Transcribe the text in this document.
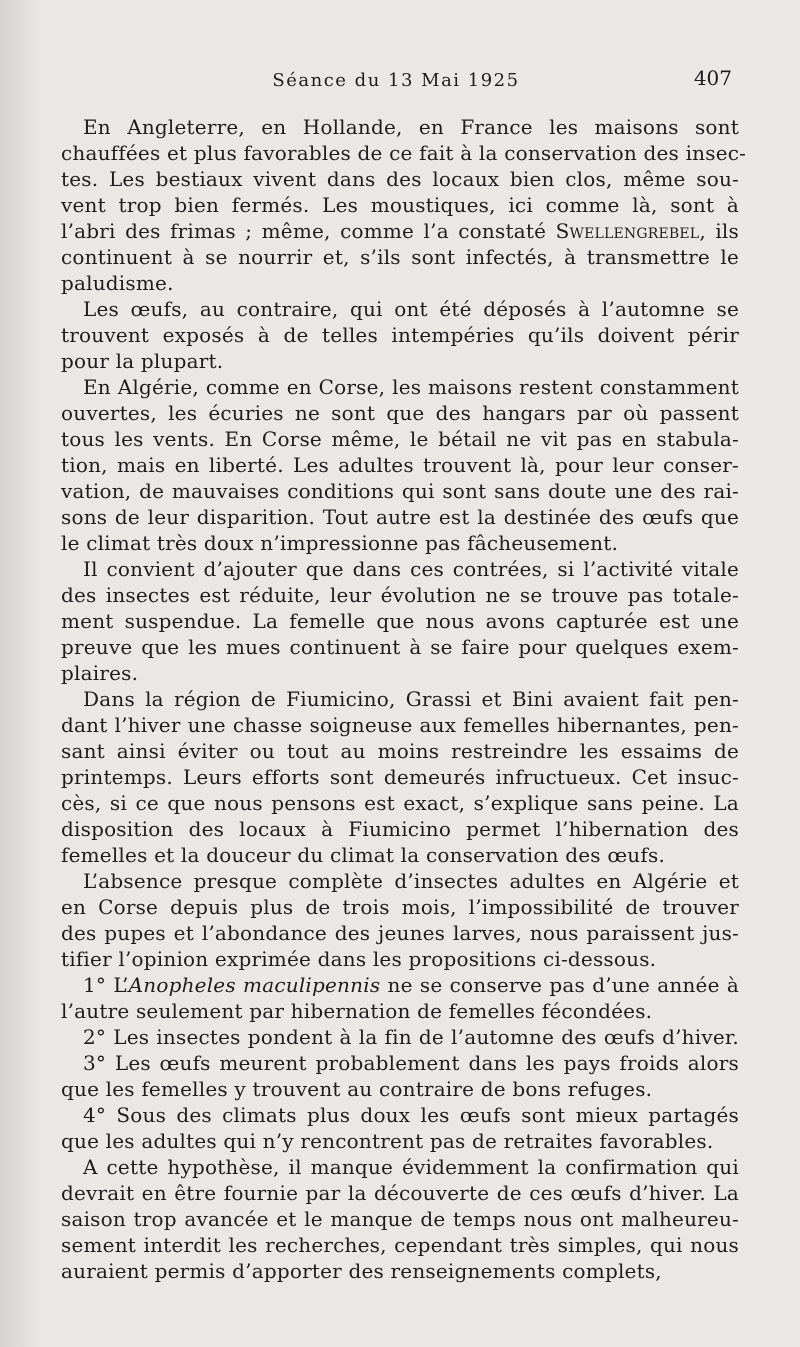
Séance du 13 Mai 1925	407
En Angleterre, en Hollande, en France les maisons sont
chauffées et plus favorables de ce fait à la conservation des insec-
tes. Les bestiaux vivent dans des locaux bien clos, même sou-
vent trop bien fermés. Les moustiques, ici comme là, sont à
l’abri des frimas ; même, comme l’a constaté Swellengrebel, ils
continuent à se nourrir et, s’ils sont infectés, à transmettre le
paludisme.
Les œufs, au contraire, qui ont été déposés à l’automne se
trouvent exposés à de telles intempéries qu’ils doivent périr
pour la plupart.
En Algérie, comme en Corse, les maisons restent constamment
ouvertes, les écuries ne sont que des hangars par où passent
tous les vents. En Corse même, le bétail ne vit pas en stabula-
tion, mais en liberté. Les adultes trouvent là, pour leur conser-
vation, de mauvaises conditions qui sont sans doute une des rai-
sons de leur disparition. Tout autre est la destinée des œufs que
le climat très doux n’impressionne pas fâcheusement.
Il convient d’ajouter que dans ces contrées, si l’activité vitale
des insectes est réduite, leur évolution ne se trouve pas totale-
ment suspendue. La femelle que nous avons capturée est une
preuve que les mues continuent à se faire pour quelques exem-
plaires.
Dans la région de Fiumicino, Grassi et Bini avaient fait pen-
dant l’hiver une chasse soigneuse aux femelles hibernantes, pen-
sant ainsi éviter ou tout au moins restreindre les essaims de
printemps. Leurs efforts sont demeurés infructueux. Cet insuc-
cès, si ce que nous pensons est exact, s’explique sans peine. La
disposition des locaux à Fiumicino permet l’hibernation des
femelles et la douceur du climat la conservation des œufs.
L’absence presque complète d’insectes adultes en Algérie et
en Corse depuis plus de trois mois, l’impossibilité de trouver
des pupes et l’abondance des jeunes larves, nous paraissent jus-
tifier l’opinion exprimée dans les propositions ci-dessous.
1° L’Anopheles maculipennis ne se conserve pas d’une année à
l’autre seulement par hibernation de femelles fécondées.
2° Les insectes pondent à la fin de l’automne des œufs d’hiver.
3° Les œufs meurent probablement dans les pays froids alors
que les femelles y trouvent au contraire de bons refuges.
4° Sous des climats plus doux les œufs sont mieux partagés
que les adultes qui n’y rencontrent pas de retraites favorables.
A cette hypothèse, il manque évidemment la confirmation qui
devrait en être fournie par la découverte de ces œufs d’hiver. La
saison trop avancée et le manque de temps nous ont malheureu-
sement interdit les recherches, cependant très simples, qui nous
auraient permis d’apporter des renseignements complets,
